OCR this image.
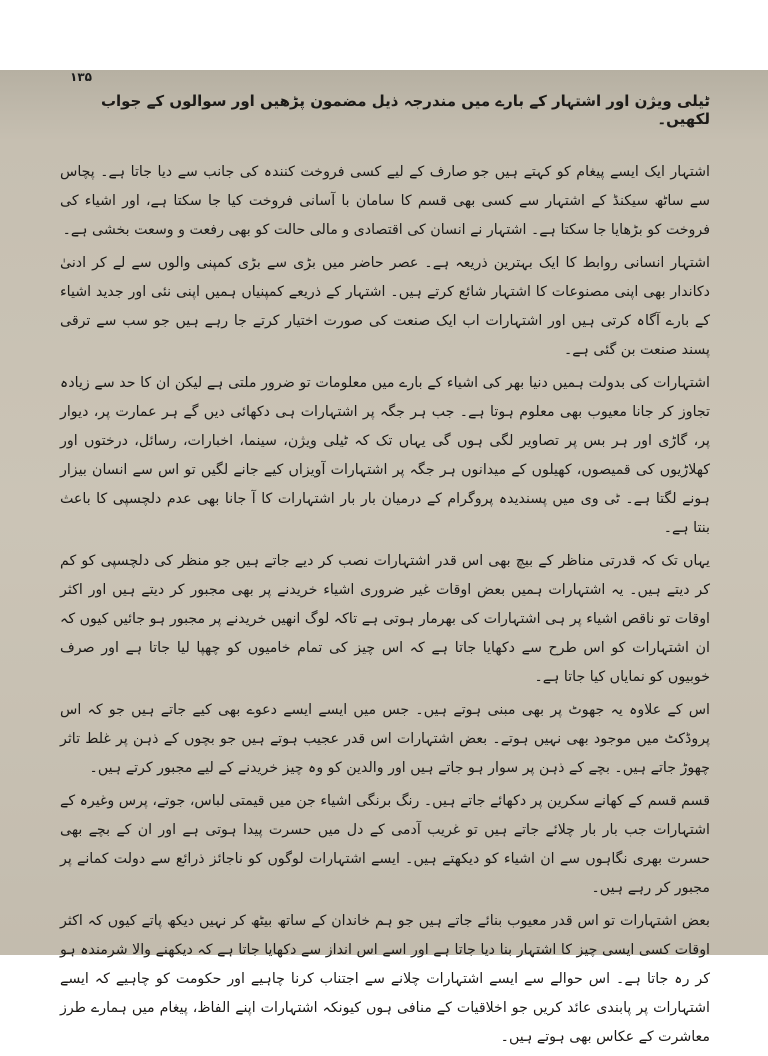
۱۳۵

ٹیلی ویژن اور اشتہار کے بارے میں مندرجہ ذیل مضمون پڑھیں اور سوالوں کے جواب لکھیں۔

اشتہار ایک ایسے پیغام کو کہتے ہیں جو صارف کے لیے کسی فروخت کنندہ کی جانب سے دیا جاتا ہے۔ پچاس سے ساٹھ سیکنڈ کے اشتہار سے کسی بھی قسم کا سامان با آسانی فروخت کیا جا سکتا ہے، اور اشیاء کی فروخت کو بڑھایا جا سکتا ہے۔ اشتہار نے انسان کی اقتصادی و مالی حالت کو بھی رفعت و وسعت بخشی ہے۔

اشتہار انسانی روابط کا ایک بہترین ذریعہ ہے۔ عصر حاضر میں بڑی سے بڑی کمپنی والوں سے لے کر ادنیٰ دکاندار بھی اپنی مصنوعات کا اشتہار شائع کرتے ہیں۔ اشتہار کے ذریعے کمپنیاں ہمیں اپنی نئی اور جدید اشیاء کے بارے آگاہ کرتی ہیں اور اشتہارات اب ایک صنعت کی صورت اختیار کرتے جا رہے ہیں جو سب سے ترقی پسند صنعت بن گئی ہے۔

اشتہارات کی بدولت ہمیں دنیا بھر کی اشیاء کے بارے میں معلومات تو ضرور ملتی ہے لیکن ان کا حد سے زیادہ تجاوز کر جانا معیوب بھی معلوم ہوتا ہے۔ جب ہر جگہ پر اشتہارات ہی دکھائی دیں گے ہر عمارت پر، دیوار پر، گاڑی اور ہر بس پر تصاویر لگی ہوں گی یہاں تک کہ ٹیلی ویژن، سینما، اخبارات، رسائل، درختوں اور کھلاڑیوں کی قمیصوں، کھیلوں کے میدانوں ہر جگہ پر اشتہارات آویزاں کیے جانے لگیں تو اس سے انسان بیزار ہونے لگتا ہے۔ ٹی وی میں پسندیدہ پروگرام کے درمیان بار بار اشتہارات کا آ جانا بھی عدم دلچسپی کا باعث بنتا ہے۔

یہاں تک کہ قدرتی مناظر کے بیچ بھی اس قدر اشتہارات نصب کر دیے جاتے ہیں جو منظر کی دلچسپی کو کم کر دیتے ہیں۔ یہ اشتہارات ہمیں بعض اوقات غیر ضروری اشیاء خریدنے پر بھی مجبور کر دیتے ہیں اور اکثر اوقات تو ناقص اشیاء پر ہی اشتہارات کی بھرمار ہوتی ہے تاکہ لوگ انھیں خریدنے پر مجبور ہو جائیں کیوں کہ ان اشتہارات کو اس طرح سے دکھایا جاتا ہے کہ اس چیز کی تمام خامیوں کو چھپا لیا جاتا ہے اور صرف خوبیوں کو نمایاں کیا جاتا ہے۔

اس کے علاوہ یہ جھوٹ پر بھی مبنی ہوتے ہیں۔ جس میں ایسے ایسے دعوے بھی کیے جاتے ہیں جو کہ اس پروڈکٹ میں موجود بھی نہیں ہوتے۔ بعض اشتہارات اس قدر عجیب ہوتے ہیں جو بچوں کے ذہن پر غلط تاثر چھوڑ جاتے ہیں۔ بچے کے ذہن پر سوار ہو جاتے ہیں اور والدین کو وہ چیز خریدنے کے لیے مجبور کرتے ہیں۔

قسم قسم کے کھانے سکرین پر دکھائے جاتے ہیں۔ رنگ برنگی اشیاء جن میں قیمتی لباس، جوتے، پرس وغیرہ کے اشتہارات جب بار بار چلائے جاتے ہیں تو غریب آدمی کے دل میں حسرت پیدا ہوتی ہے اور ان کے بچے بھی حسرت بھری نگاہوں سے ان اشیاء کو دیکھتے ہیں۔ ایسے اشتہارات لوگوں کو ناجائز ذرائع سے دولت کمانے پر مجبور کر رہے ہیں۔

بعض اشتہارات تو اس قدر معیوب بنائے جاتے ہیں جو ہم خاندان کے ساتھ بیٹھ کر نہیں دیکھ پاتے کیوں کہ اکثر اوقات کسی ایسی چیز کا اشتہار بنا دیا جاتا ہے اور اسے اس انداز سے دکھایا جاتا ہے کہ دیکھنے والا شرمندہ ہو کر رہ جاتا ہے۔ اس حوالے سے ایسے اشتہارات چلانے سے اجتناب کرنا چاہیے اور حکومت کو چاہیے کہ ایسے اشتہارات پر پابندی عائد کریں جو اخلاقیات کے منافی ہوں کیونکہ اشتہارات اپنے الفاظ، پیغام میں ہمارے طرز معاشرت کے عکاس بھی ہوتے ہیں۔
